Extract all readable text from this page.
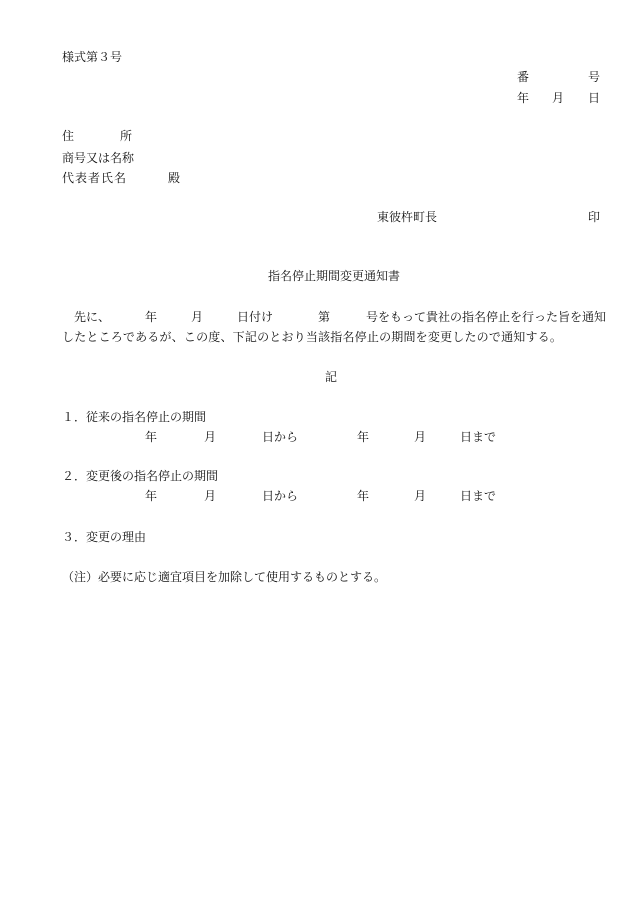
様式第３号
番	号
年 月 日
住	所
商号又は名称
代表者氏名	殿
東彼杵町長	印
指名停止期間変更通知書
先に、	年	月	日付け	第	号をもって貴社の指名停止を行った旨を通知
したところであるが、この度、下記のとおり当該指名停止の期間を変更したので通知する。
記
１．従来の指名停止の期間
年	月	日から	年	月	日まで
２．変更後の指名停止の期間
年	月	日から	年	月	日まで
３．変更の理由
（注）必要に応じ適宜項目を加除して使用するものとする。
